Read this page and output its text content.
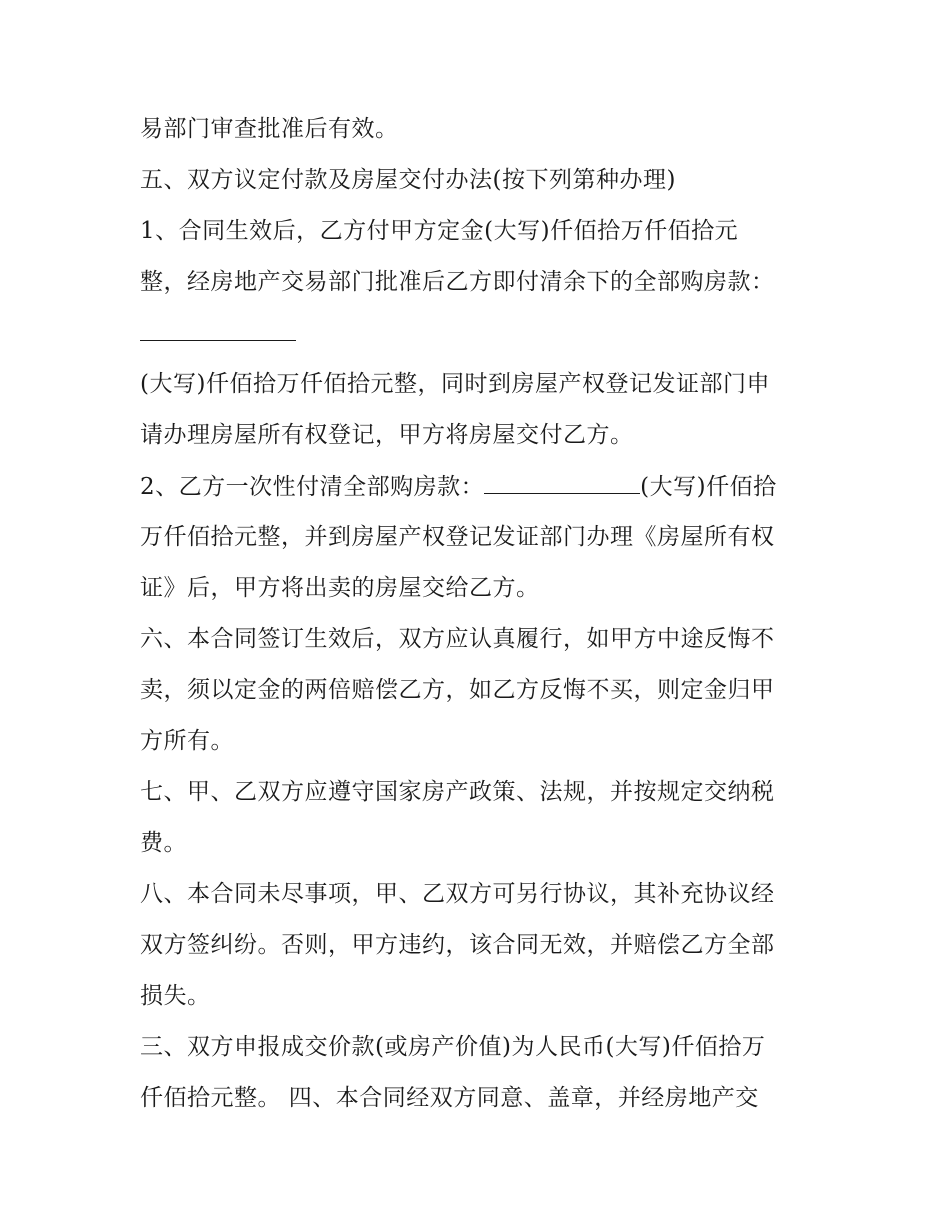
易部门审查批准后有效。
五、双方议定付款及房屋交付办法(按下列第种办理)
1、合同生效后，乙方付甲方定金(大写)仟佰拾万仟佰拾元
整，经房地产交易部门批准后乙方即付清余下的全部购房款：
(大写)仟佰拾万仟佰拾元整，同时到房屋产权登记发证部门申
请办理房屋所有权登记，甲方将房屋交付乙方。
2、乙方一次性付清全部购房款：	(大写)仟佰拾
万仟佰拾元整，并到房屋产权登记发证部门办理《房屋所有权
证》后，甲方将出卖的房屋交给乙方。
六、本合同签订生效后，双方应认真履行，如甲方中途反悔不
卖，须以定金的两倍赔偿乙方，如乙方反悔不买，则定金归甲
方所有。
七、甲、乙双方应遵守国家房产政策、法规，并按规定交纳税
费。
八、本合同未尽事项，甲、乙双方可另行协议，其补充协议经
双方签纠纷。否则，甲方违约，该合同无效，并赔偿乙方全部
损失。
三、双方申报成交价款(或房产价值)为人民币(大写)仟佰拾万
仟佰拾元整。 四、本合同经双方同意、盖章，并经房地产交
